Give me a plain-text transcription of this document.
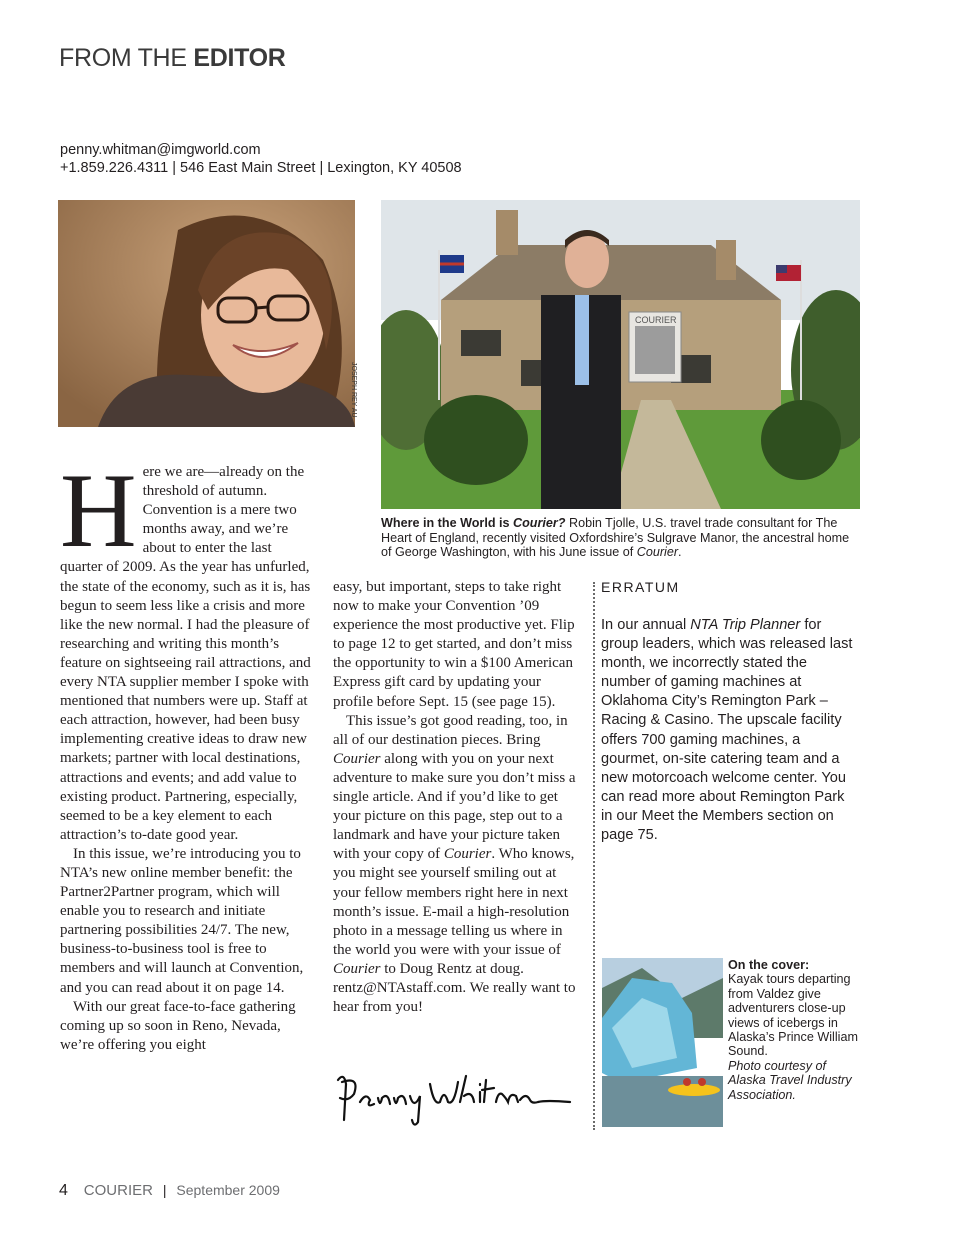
FROM THE EDITOR
penny.whitman@imgworld.com
+1.859.226.4311 | 546 East Main Street | Lexington, KY 40508
JOSEPH REY AU
COURIER
Where in the World is Courier? Robin Tjolle, U.S. travel trade consultant for The Heart of England, recently visited Oxfordshire’s Sulgrave Manor, the ancestral home of George Washington, with his June issue of Courier.

Here we are—already on the threshold of autumn. Convention is a mere two months away, and we’re about to enter the last quarter of 2009. As the year has unfurled, the state of the economy, such as it is, has begun to seem less like a crisis and more like the new normal. I had the pleasure of researching and writing this month’s feature on sightseeing rail attractions, and every NTA supplier member I spoke with mentioned that numbers were up. Staff at each attraction, however, had been busy implementing creative ideas to draw new markets; partner with local destinations, attractions and events; and add value to existing product. Partnering, especially, seemed to be a key element to each attraction’s to-date good year.

In this issue, we’re introducing you to NTA’s new online member benefit: the Partner2Partner program, which will enable you to research and initiate partnering possibilities 24/7. The new, business-to-business tool is free to members and will launch at Convention, and you can read about it on page 14.

With our great face-to-face gathering coming up so soon in Reno, Nevada, we’re offering you eight

easy, but important, steps to take right now to make your Convention ’09 experience the most productive yet. Flip to page 12 to get started, and don’t miss the opportunity to win a $100 American Express gift card by updating your profile before Sept. 15 (see page 15).

This issue’s got good reading, too, in all of our destination pieces. Bring Courier along with you on your next adventure to make sure you don’t miss a single article. And if you’d like to get your picture on this page, step out to a landmark and have your picture taken with your copy of Courier. Who knows, you might see yourself smiling out at your fellow members right here in next month’s issue. E-mail a high-resolution photo in a message telling us where in the world you were with your issue of Courier to Doug Rentz at doug. rentz@NTAstaff.com. We really want to hear from you!

ERRATUM
In our annual NTA Trip Planner for group leaders, which was released last month, we incorrectly stated the number of gaming machines at Oklahoma City’s Remington Park – Racing & Casino. The upscale facility offers 700 gaming machines, a gourmet, on-site catering team and a new motorcoach welcome center. You can read more about Remington Park in our Meet the Members section on page 75.
On the cover:
Kayak tours departing from Valdez give adventurers close-up views of icebergs in Alaska’s Prince William Sound.
Photo courtesy of Alaska Travel Industry Association.
4 COURIER | September 2009
